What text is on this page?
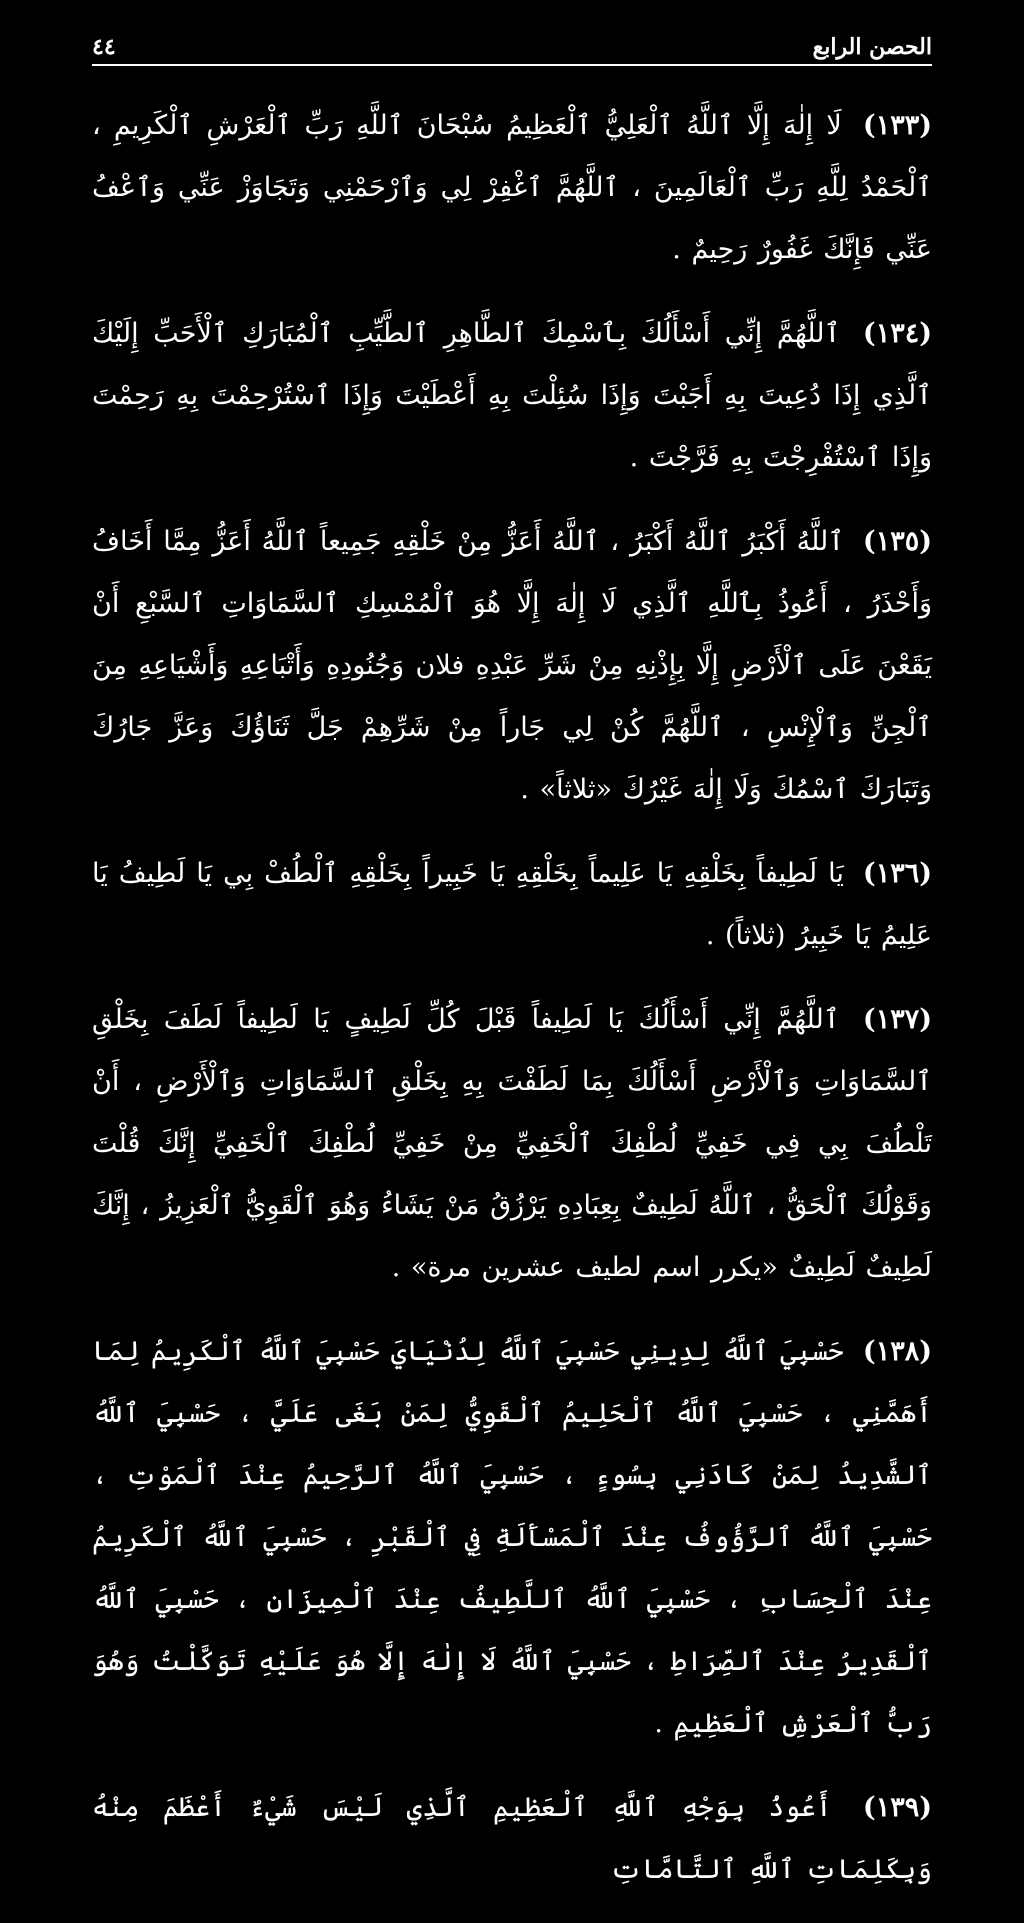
الحصن الرابع
٤٤

(١٣٣) لَا إِلٰهَ إِلَّا ٱللَّهُ ٱلْعَلِيُّ ٱلْعَظِيمُ سُبْحَانَ ٱللَّهِ رَبِّ ٱلْعَرْشِ ٱلْكَرِيمِ ، ٱلْحَمْدُ لِلَّهِ رَبِّ ٱلْعَالَمِينَ ، ٱللَّهُمَّ ٱغْفِرْ لِي وَٱرْحَمْنِي وَتَجَاوَزْ عَنِّي وَٱعْفُ عَنِّي فَإِنَّكَ غَفُورٌ رَحِيمٌ .

(١٣٤) ٱللَّهُمَّ إِنِّي أَسْأَلُكَ بِٱسْمِكَ ٱلطَّاهِرِ ٱلطَّيِّبِ ٱلْمُبَارَكِ ٱلْأَحَبِّ إِلَيْكَ ٱلَّذِي إِذَا دُعِيتَ بِهِ أَجَبْتَ وَإِذَا سُئِلْتَ بِهِ أَعْطَيْتَ وَإِذَا ٱسْتُرْحِمْتَ بِهِ رَحِمْتَ وَإِذَا ٱسْتُفْرِجْتَ بِهِ فَرَّجْتَ .

(١٣٥) ٱللَّهُ أَكْبَرُ ٱللَّهُ أَكْبَرُ ، ٱللَّهُ أَعَزُّ مِنْ خَلْقِهِ جَمِيعاً ٱللَّهُ أَعَزُّ مِمَّا أَخَافُ وَأَحْذَرُ ، أَعُوذُ بِٱللَّهِ ٱلَّذِي لَا إِلٰهَ إِلَّا هُوَ ٱلْمُمْسِكِ ٱلسَّمَاوَاتِ ٱلسَّبْعِ أَنْ يَقَعْنَ عَلَى ٱلْأَرْضِ إِلَّا بِإِذْنِهِ مِنْ شَرِّ عَبْدِهِ فلان وَجُنُودِهِ وَأَتْبَاعِهِ وَأَشْيَاعِهِ مِنَ ٱلْجِنِّ وَٱلْإِنْسِ ، ٱللَّهُمَّ كُنْ لِي جَاراً مِنْ شَرِّهِمْ جَلَّ ثَنَاؤُكَ وَعَزَّ جَارُكَ وَتَبَارَكَ ٱسْمُكَ وَلَا إِلٰهَ غَيْرُكَ «ثلاثاً» .

(١٣٦) يَا لَطِيفاً بِخَلْقِهِ يَا عَلِيماً بِخَلْقِهِ يَا خَبِيراً بِخَلْقِهِ ٱلْطُفْ بِي يَا لَطِيفُ يَا عَلِيمُ يَا خَبِيرُ (ثلاثاً) .

(١٣٧) ٱللَّهُمَّ إِنِّي أَسْأَلُكَ يَا لَطِيفاً قَبْلَ كُلِّ لَطِيفٍ يَا لَطِيفاً لَطَفَ بِخَلْقِ ٱلسَّمَاوَاتِ وَٱلْأَرْضِ أَسْأَلُكَ بِمَا لَطَفْتَ بِهِ بِخَلْقِ ٱلسَّمَاوَاتِ وَٱلْأَرْضِ ، أَنْ تَلْطُفَ بِي فِي خَفِيِّ لُطْفِكَ ٱلْخَفِيِّ مِنْ خَفِيِّ لُطْفِكَ ٱلْخَفِيِّ إِنَّكَ قُلْتَ وَقَوْلُكَ ٱلْحَقُّ ، ٱللَّهُ لَطِيفٌ بِعِبَادِهِ يَرْزُقُ مَنْ يَشَاءُ وَهُوَ ٱلْقَوِيُّ ٱلْعَزِيزُ ، إِنَّكَ لَطِيفٌ لَطِيفٌ «يكرر اسم لطيف عشرين مرة» .

(١٣٨) حَسْبِيَ ٱللَّهُ لِدِينِي حَسْبِيَ ٱللَّهُ لِدُنْيَايَ حَسْبِيَ ٱللَّهُ ٱلْكَرِيمُ لِمَا أَهَمَّنِي ، حَسْبِيَ ٱللَّهُ ٱلْحَلِيمُ ٱلْقَوِيُّ لِمَنْ بَغَى عَلَيَّ ، حَسْبِيَ ٱللَّهُ ٱلشَّدِيدُ لِمَنْ كَادَنِي بِسُوءٍ ، حَسْبِيَ ٱللَّهُ ٱلرَّحِيمُ عِنْدَ ٱلْمَوْتِ ، حَسْبِيَ ٱللَّهُ ٱلرَّؤُوفُ عِنْدَ ٱلْمَسْأَلَةِ فِي ٱلْقَبْرِ ، حَسْبِيَ ٱللَّهُ ٱلْكَرِيمُ عِنْدَ ٱلْحِسَابِ ، حَسْبِيَ ٱللَّهُ ٱللَّطِيفُ عِنْدَ ٱلْمِيزَانِ ، حَسْبِيَ ٱللَّهُ ٱلْقَدِيرُ عِنْدَ ٱلصِّرَاطِ ، حَسْبِيَ ٱللَّهُ لَا إِلٰهَ إِلَّا هُوَ عَلَيْهِ تَوَكَّلْتُ وَهُوَ رَبُّ ٱلْعَرْشِ ٱلْعَظِيمِ .

(١٣٩) أَعُوذُ بِوَجْهِ ٱللَّهِ ٱلْعَظِيمِ ٱلَّذِي لَيْسَ شَيْءٌ أَعْظَمَ مِنْهُ وَبِكَلِمَاتِ ٱللَّهِ ٱلتَّامَّاتِ
